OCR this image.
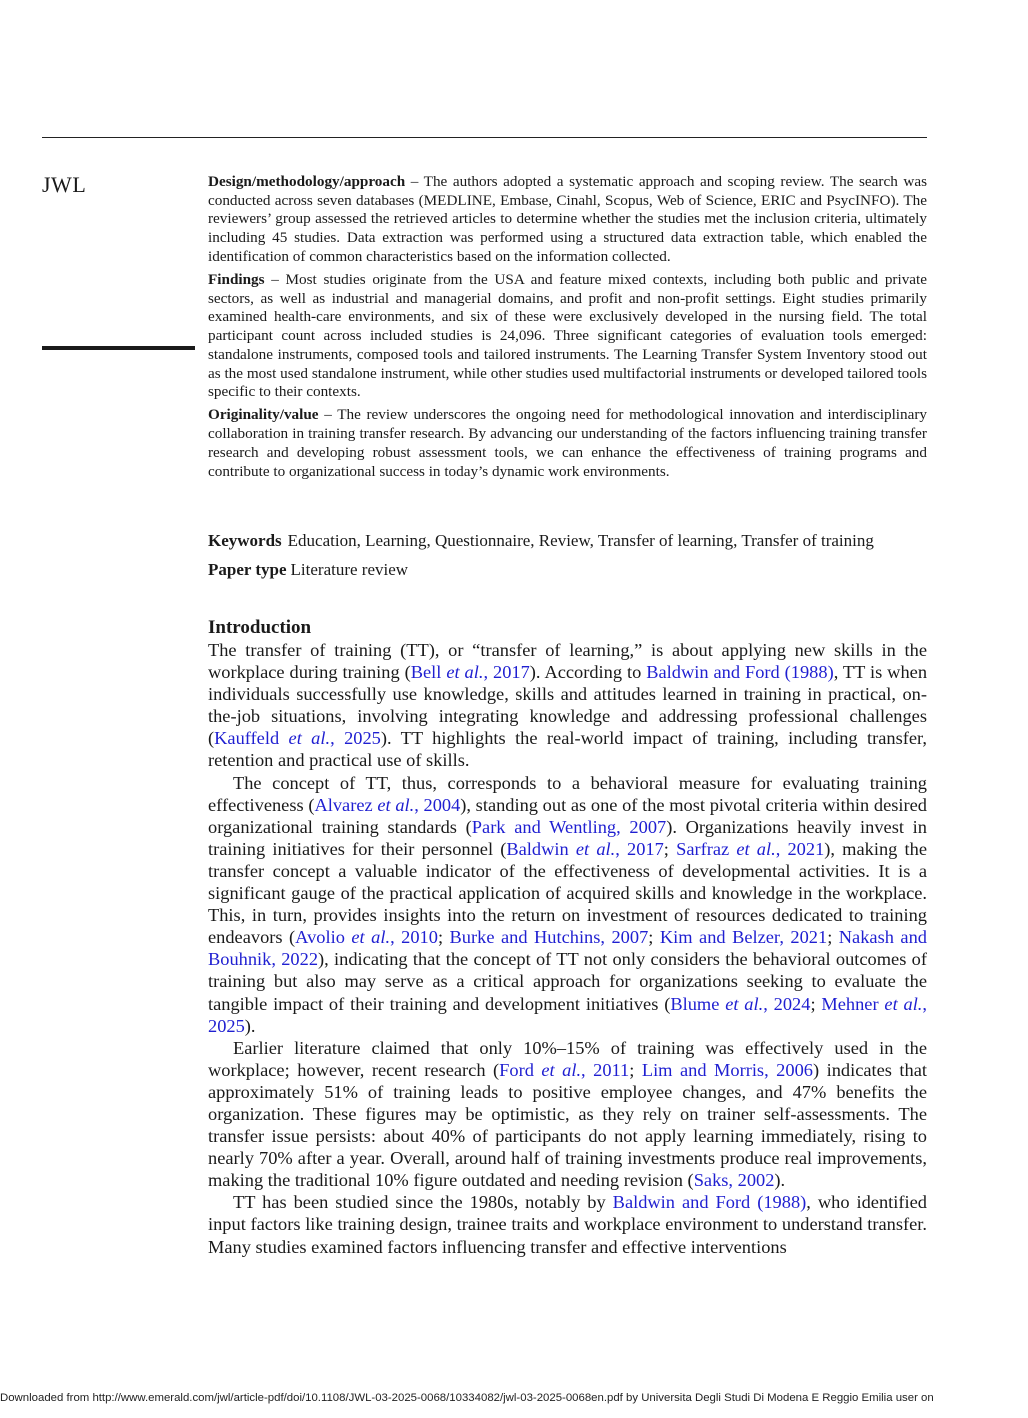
JWL	Design/methodology/approach – The authors adopted a systematic approach and scoping review. The search was conducted across seven databases (MEDLINE, Embase, Cinahl, Scopus, Web of Science, ERIC and PsycINFO). The reviewers’ group assessed the retrieved articles to determine whether the studies met the inclusion criteria, ultimately including 45 studies. Data extraction was performed using a structured data extraction table, which enabled the identification of common characteristics based on the information collected.

Findings – Most studies originate from the USA and feature mixed contexts, including both public and private sectors, as well as industrial and managerial domains, and profit and non-profit settings. Eight studies primarily examined health-care environments, and six of these were exclusively developed in the nursing field. The total participant count across included studies is 24,096. Three significant categories of evaluation tools emerged: standalone instruments, composed tools and tailored instruments. The Learning Transfer System Inventory stood out as the most used standalone instrument, while other studies used multifactorial instruments or developed tailored tools specific to their contexts.

Originality/value – The review underscores the ongoing need for methodological innovation and interdisciplinary collaboration in training transfer research. By advancing our understanding of the factors influencing training transfer research and developing robust assessment tools, we can enhance the effectiveness of training programs and contribute to organizational success in today’s dynamic work environments.

Keywords Education, Learning, Questionnaire, Review, Transfer of learning, Transfer of training
Paper type Literature review
Introduction

The transfer of training (TT), or “transfer of learning,” is about applying new skills in the workplace during training (Bell et al., 2017). According to Baldwin and Ford (1988), TT is when individuals successfully use knowledge, skills and attitudes learned in training in practical, on-the-job situations, involving integrating knowledge and addressing professional challenges (Kauffeld et al., 2025). TT highlights the real-world impact of training, including transfer, retention and practical use of skills.

The concept of TT, thus, corresponds to a behavioral measure for evaluating training effectiveness (Alvarez et al., 2004), standing out as one of the most pivotal criteria within desired organizational training standards (Park and Wentling, 2007). Organizations heavily invest in training initiatives for their personnel (Baldwin et al., 2017; Sarfraz et al., 2021), making the transfer concept a valuable indicator of the effectiveness of developmental activities. It is a significant gauge of the practical application of acquired skills and knowledge in the workplace. This, in turn, provides insights into the return on investment of resources dedicated to training endeavors (Avolio et al., 2010; Burke and Hutchins, 2007; Kim and Belzer, 2021; Nakash and Bouhnik, 2022), indicating that the concept of TT not only considers the behavioral outcomes of training but also may serve as a critical approach for organizations seeking to evaluate the tangible impact of their training and development initiatives (Blume et al., 2024; Mehner et al., 2025).

Earlier literature claimed that only 10%–15% of training was effectively used in the workplace; however, recent research (Ford et al., 2011; Lim and Morris, 2006) indicates that approximately 51% of training leads to positive employee changes, and 47% benefits the organization. These figures may be optimistic, as they rely on trainer self-assessments. The transfer issue persists: about 40% of participants do not apply learning immediately, rising to nearly 70% after a year. Overall, around half of training investments produce real improvements, making the traditional 10% figure outdated and needing revision (Saks, 2002).

TT has been studied since the 1980s, notably by Baldwin and Ford (1988), who identified input factors like training design, trainee traits and workplace environment to understand transfer. Many studies examined factors influencing transfer and effective interventions

Downloaded from http://www.emerald.com/jwl/article-pdf/doi/10.1108/JWL-03-2025-0068/10334082/jwl-03-2025-0068en.pdf by Universita Degli Studi Di Modena E Reggio Emilia user on
